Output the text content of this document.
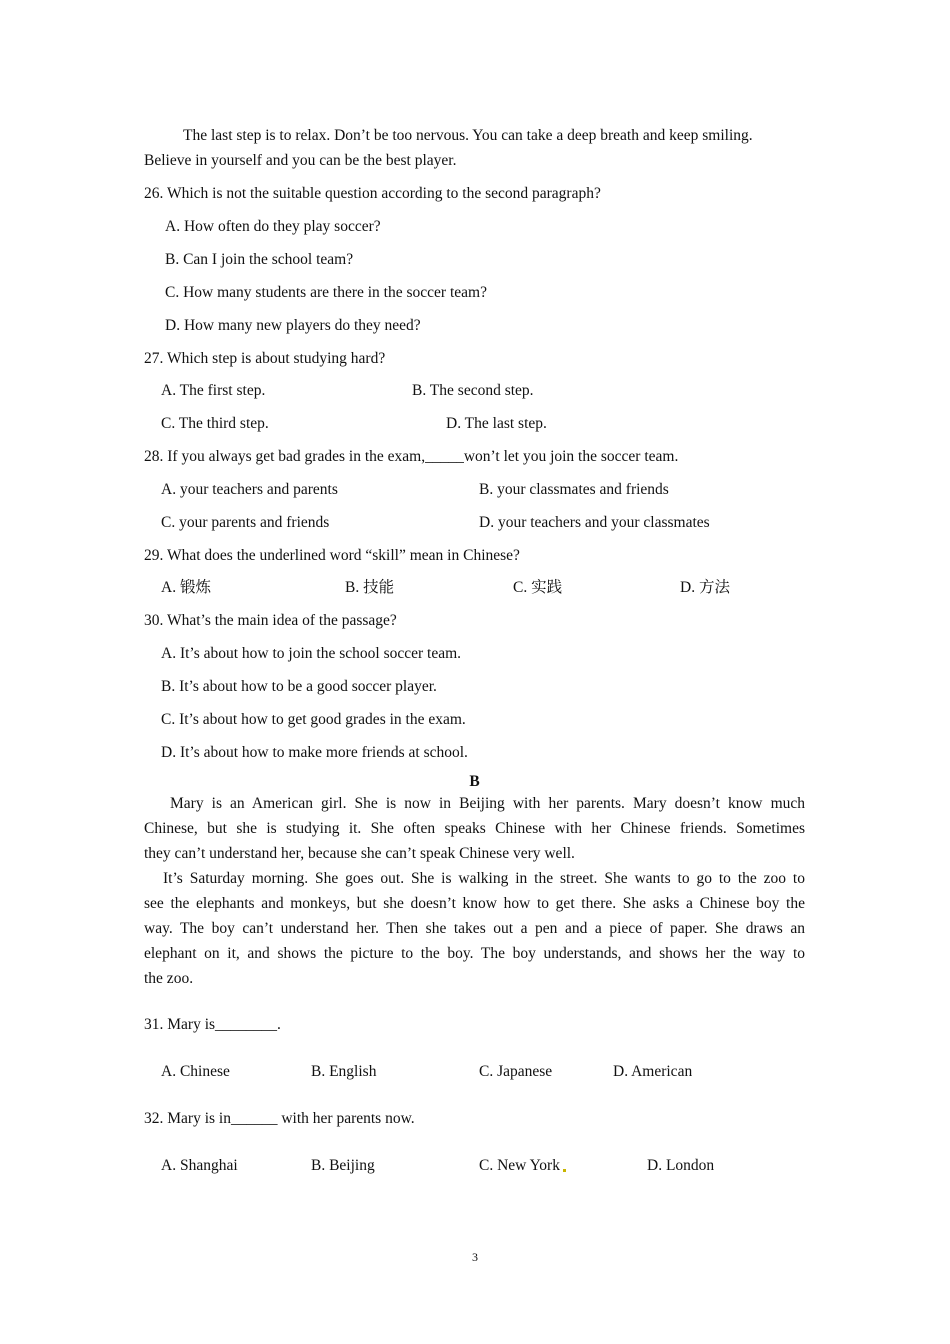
The last step is to relax. Don’t be too nervous. You can take a deep breath and keep smiling.
Believe in yourself and you can be the best player.
26. Which is not the suitable question according to the second paragraph?
A. How often do they play soccer?
B. Can I join the school team?
C. How many students are there in the soccer team?
D. How many new players do they need?
27. Which step is about studying hard?
A. The first step.	B. The second step.
C. The third step.	D. The last step.
28. If you always get bad grades in the exam,_____won’t let you join the soccer team.
A. your teachers and parents	B. your classmates and friends
C. your parents and friends	D. your teachers and your classmates
29. What does the underlined word “skill” mean in Chinese?
A. 锻炼	B. 技能	C. 实践	D. 方法
30. What’s the main idea of the passage?
A. It’s about how to join the school soccer team.
B. It’s about how to be a good soccer player.
C. It’s about how to get good grades in the exam.
D. It’s about how to make more friends at school.
B
Mary is an American girl. She is now in Beijing with her parents. Mary doesn’t know much
Chinese, but she is studying it. She often speaks Chinese with her Chinese friends. Sometimes
they can’t understand her, because she can’t speak Chinese very well.
It’s Saturday morning. She goes out. She is walking in the street. She wants to go to the zoo to
see the elephants and monkeys, but she doesn’t know how to get there. She asks a Chinese boy the
way. The boy can’t understand her. Then she takes out a pen and a piece of paper. She draws an
elephant on it, and shows the picture to the boy. The boy understands, and shows her the way to
the zoo.
31. Mary is________.
A. Chinese	B. English	C. Japanese	D. American
32. Mary is in______ with her parents now.
A. Shanghai	B. Beijing	C. New York	D. London
3
